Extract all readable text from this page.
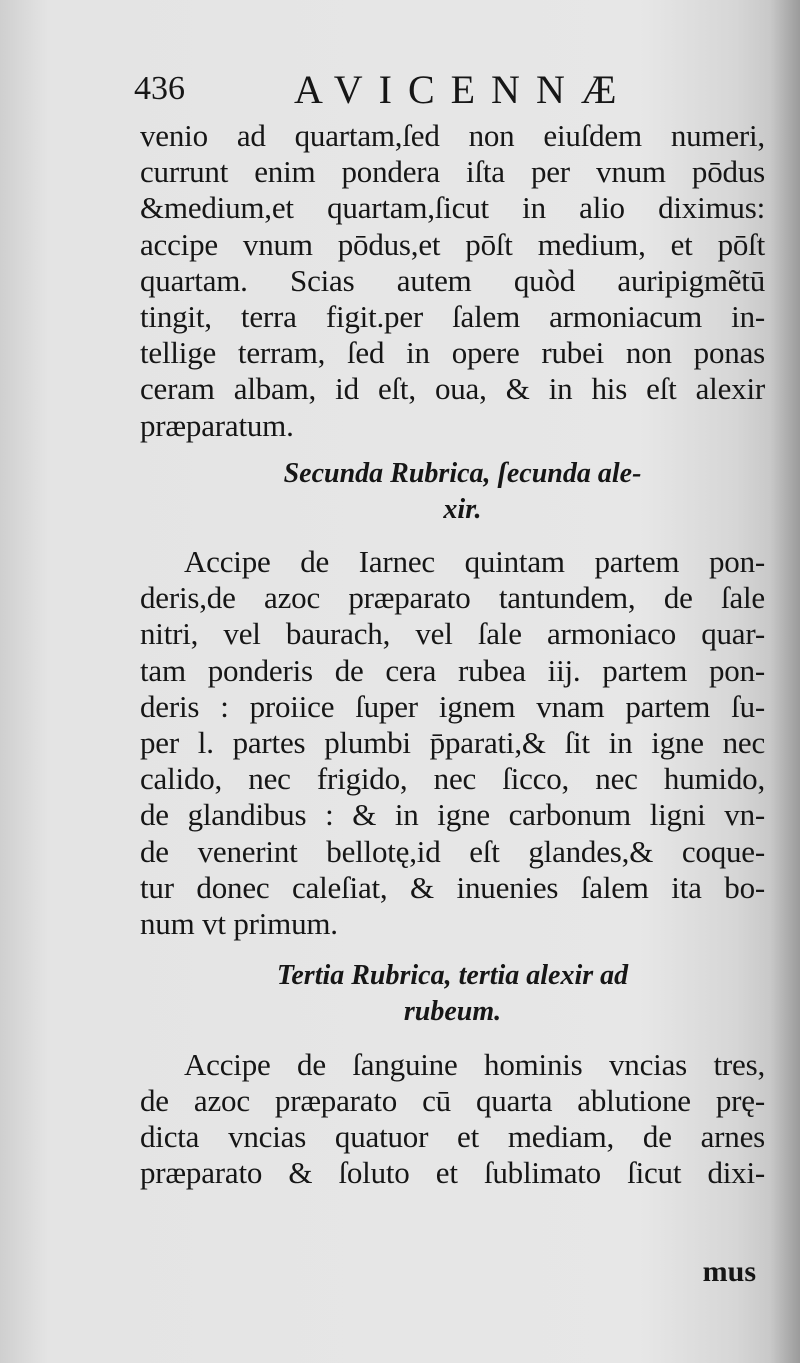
436	AVICENNÆ
venio ad quartam,ſed non eiuſdem numeri,
currunt enim pondera iſta per vnum pōdus
&medium,et quartam,ſicut in alio diximus:
accipe vnum pōdus,et pōſt medium, et pōſt
quartam. Scias autem quòd auripigmẽtū
tingit, terra figit.per ſalem armoniacum in-
tellige terram, ſed in opere rubei non ponas
ceram albam, id eſt, oua, & in his eſt alexir
præparatum.
Secunda Rubrica, ſecunda ale-
xir.
Accipe de Iarnec quintam partem pon-
deris,de azoc præparato tantundem, de ſale
nitri, vel baurach, vel ſale armoniaco quar-
tam ponderis de cera rubea iij. partem pon-
deris : proiice ſuper ignem vnam partem ſu-
per l. partes plumbi p̄parati,& ſit in igne nec
calido, nec frigido, nec ſicco, nec humido,
de glandibus : & in igne carbonum ligni vn-
de venerint bellotę,id eſt glandes,& coque-
tur donec caleſiat, & inuenies ſalem ita bo-
num vt primum.
Tertia Rubrica, tertia alexir ad
rubeum.
Accipe de ſanguine hominis vncias tres,
de azoc præparato cū quarta ablutione prę-
dicta vncias quatuor et mediam, de arnes
præparato & ſoluto et ſublimato ſicut dixi-
mus
